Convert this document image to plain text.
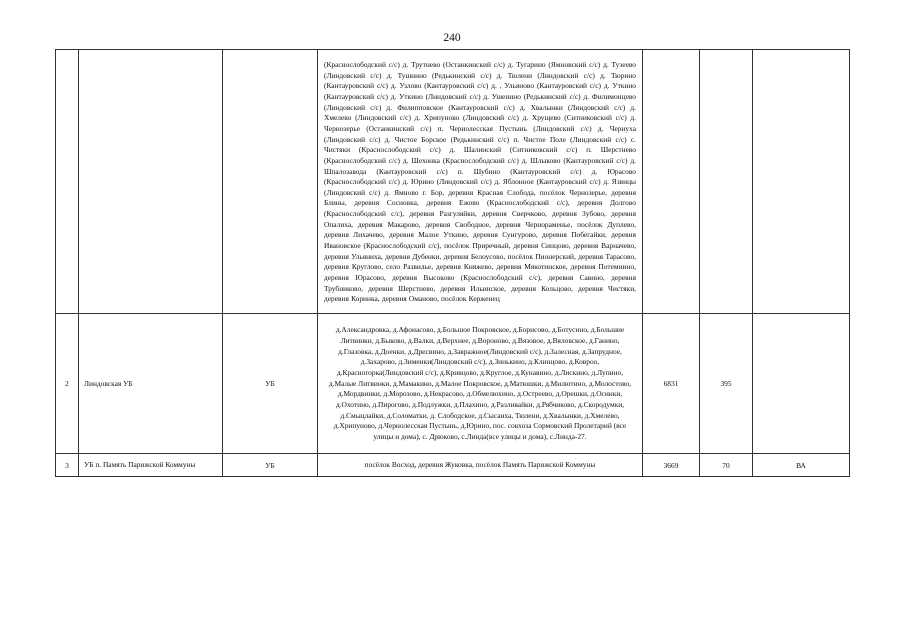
240

			(Краснослободский с/с) д. Трутнево (Останкинский с/с) д. Тугарино (Ямновский с/с) д. Тузеево (Линдовский с/с) д. Тушнино (Редькинский с/с) д. Тюлени (Линдовский с/с) д. Тюрино (Кантауровский с/с) д. Узлово (Кантауровский с/с) д. , Ульяново (Кантауровский с/с) д. Уткино (Кантауровский с/с) д. Уткино (Линдовский с/с) д. Ушенино (Редькинский с/с) д. Филимонцево (Линдовский с/с) д. Филипповское (Кантауровский с/с) д. Хвалынки (Линдовский с/с) д. Хмелево (Линдовский с/с) д. Хрипуново (Линдовский с/с) д. Хрущево (Ситниковский с/с) д. Чернозерье (Останкинский с/с) п. Чернолесская Пустынь (Линдовский с/с) д. Чернуха (Линдовский с/с) д. Чистое Борское (Редькинский с/с) п. Чистое Поле (Линдовский с/с) с. Чистяки (Краснослободский с/с) д. Шалинский (Ситниковский с/с) п. Шерстнево (Краснослободский с/с) д. Шехонка (Краснослободский с/с) д. Шлыково (Кантауровский с/с) д. Шпалозавода (Кантауровский с/с) п. Шубино (Кантауровский с/с) д. Юрасово (Краснослободский с/с) д. Юрино (Линдовский с/с) д. Яблонное (Кантауровский с/с) д. Язвицы (Линдовский с/с) д. Ямново г. Бор, деревня Красная Слобода, посёлок Чернозерье, деревня Блины, деревня Сосновка, деревня Ежово (Краснослободский с/с), деревня Долгово (Краснослободский с/с), деревня Разгуляйки, деревня Сверчково, деревня Зубово, деревня Опалиха, деревня Макарово, деревня Свободное, деревня Чернораменье, посёлок Дуплево, деревня Лихачево, деревня Малое Уткино, деревня Сунгурово, деревня Побегайки, деревня Ивановское (Краснослободский с/с), посёлок Приречный, деревня Синцово, деревня Варначево, деревня Ульяниха, деревня Дубенки, деревня Белоусово, посёлок Пионерский, деревня Тарасово, деревня Круглово, село Развилье, деревня Княжево, деревня Мякотинское, деревня Потемнино, деревня Юрасово, деревня Высоково (Краснослободский с/с), деревня Савино, деревня Трубниково, деревня Шерстнево, деревня Ильинское, деревня Кольцово, деревня Чистяки, деревня Коринка, деревня Оманово, посёлок Керженец			

2	Линдовская УБ	УБ	д.Александровка, д.Афонасово, д.Большое Покровское, д.Борисово, д.Ботусино, д.Большие Литвинки, д.Быково, д.Валки, д.Верхнее, д.Вороново, д.Вязовое, д.Вяловское, д.Ганино, д.Глазовка, д.Доенки, д.Дресвино, д.Завражное(Линдовский с/с), д.Залесная, д.Запрудное, д.Захарово, д.Зименки(Линдовский с/с), д.Зинькино, д.Клинцово, д.Ковроо, д.Красногорка(Линдовский с/с), д.Кривцово, д.Круглое, д.Кунавино, д.Лискино, д.Лупино, д.Малые Литвинки, д.Мамакино, д.Малое Покровское, д.Матюшки, д.Милютино, д.Молостово, д.Мордвинки, д.Морозово, д.Некрасово, д.Обмелюхино, д.Остреево, д.Орешки, д.Осинки, д.Охотино, д.Пирогово, д.Подлужки, д.Плахино, д.Разливайки, д.Рябчиково, д.Скородумки, д.Смыцлайки, д.Соломатки, д. Слободское, д.Сысаиха, Тюлени, д.Хвалынки, д.Хмелево, д.Хрипуново, д.Чернолесская Пустынь, д.Юрино, пос. совхоза Сормовский Пролетарий (все улицы и дома), с. Дрюково, с.Линда(все улицы и дома), с.Линда-27.	6831	395	
3	УБ п. Память Парижской Коммуны	УБ	посёлок Восход, деревня Жуковка, посёлок Память Парижской Коммуны	3669	70	ВА
